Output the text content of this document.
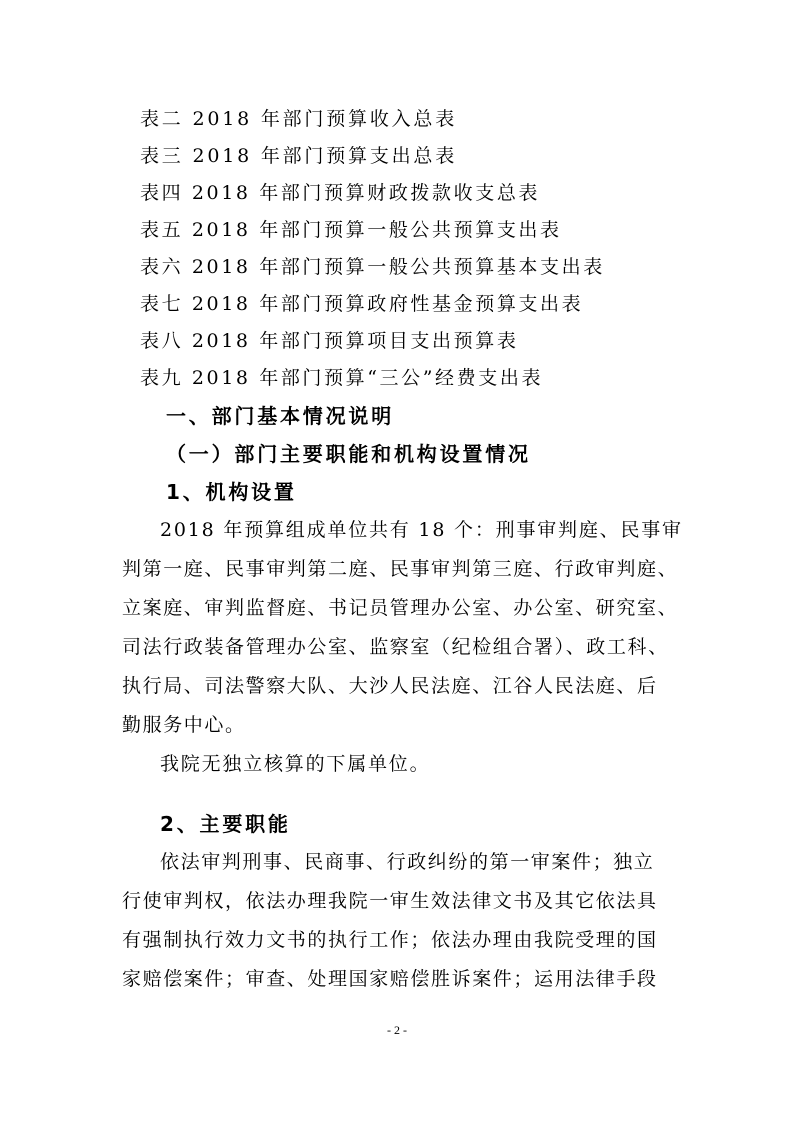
表二 2018 年部门预算收入总表
表三 2018 年部门预算支出总表
表四 2018 年部门预算财政拨款收支总表
表五 2018 年部门预算一般公共预算支出表
表六 2018 年部门预算一般公共预算基本支出表
表七 2018 年部门预算政府性基金预算支出表
表八 2018 年部门预算项目支出预算表
表九 2018 年部门预算“三公”经费支出表
一、部门基本情况说明
（一）部门主要职能和机构设置情况
1、机构设置
2018 年预算组成单位共有 18 个：刑事审判庭、民事审
判第一庭、民事审判第二庭、民事审判第三庭、行政审判庭、
立案庭、审判监督庭、书记员管理办公室、办公室、研究室、
司法行政装备管理办公室、监察室（纪检组合署）、政工科、
执行局、司法警察大队、大沙人民法庭、江谷人民法庭、后
勤服务中心。
我院无独立核算的下属单位。
2、主要职能
依法审判刑事、民商事、行政纠纷的第一审案件；独立
行使审判权，依法办理我院一审生效法律文书及其它依法具
有强制执行效力文书的执行工作；依法办理由我院受理的国
家赔偿案件；审查、处理国家赔偿胜诉案件；运用法律手段
- 2 -
